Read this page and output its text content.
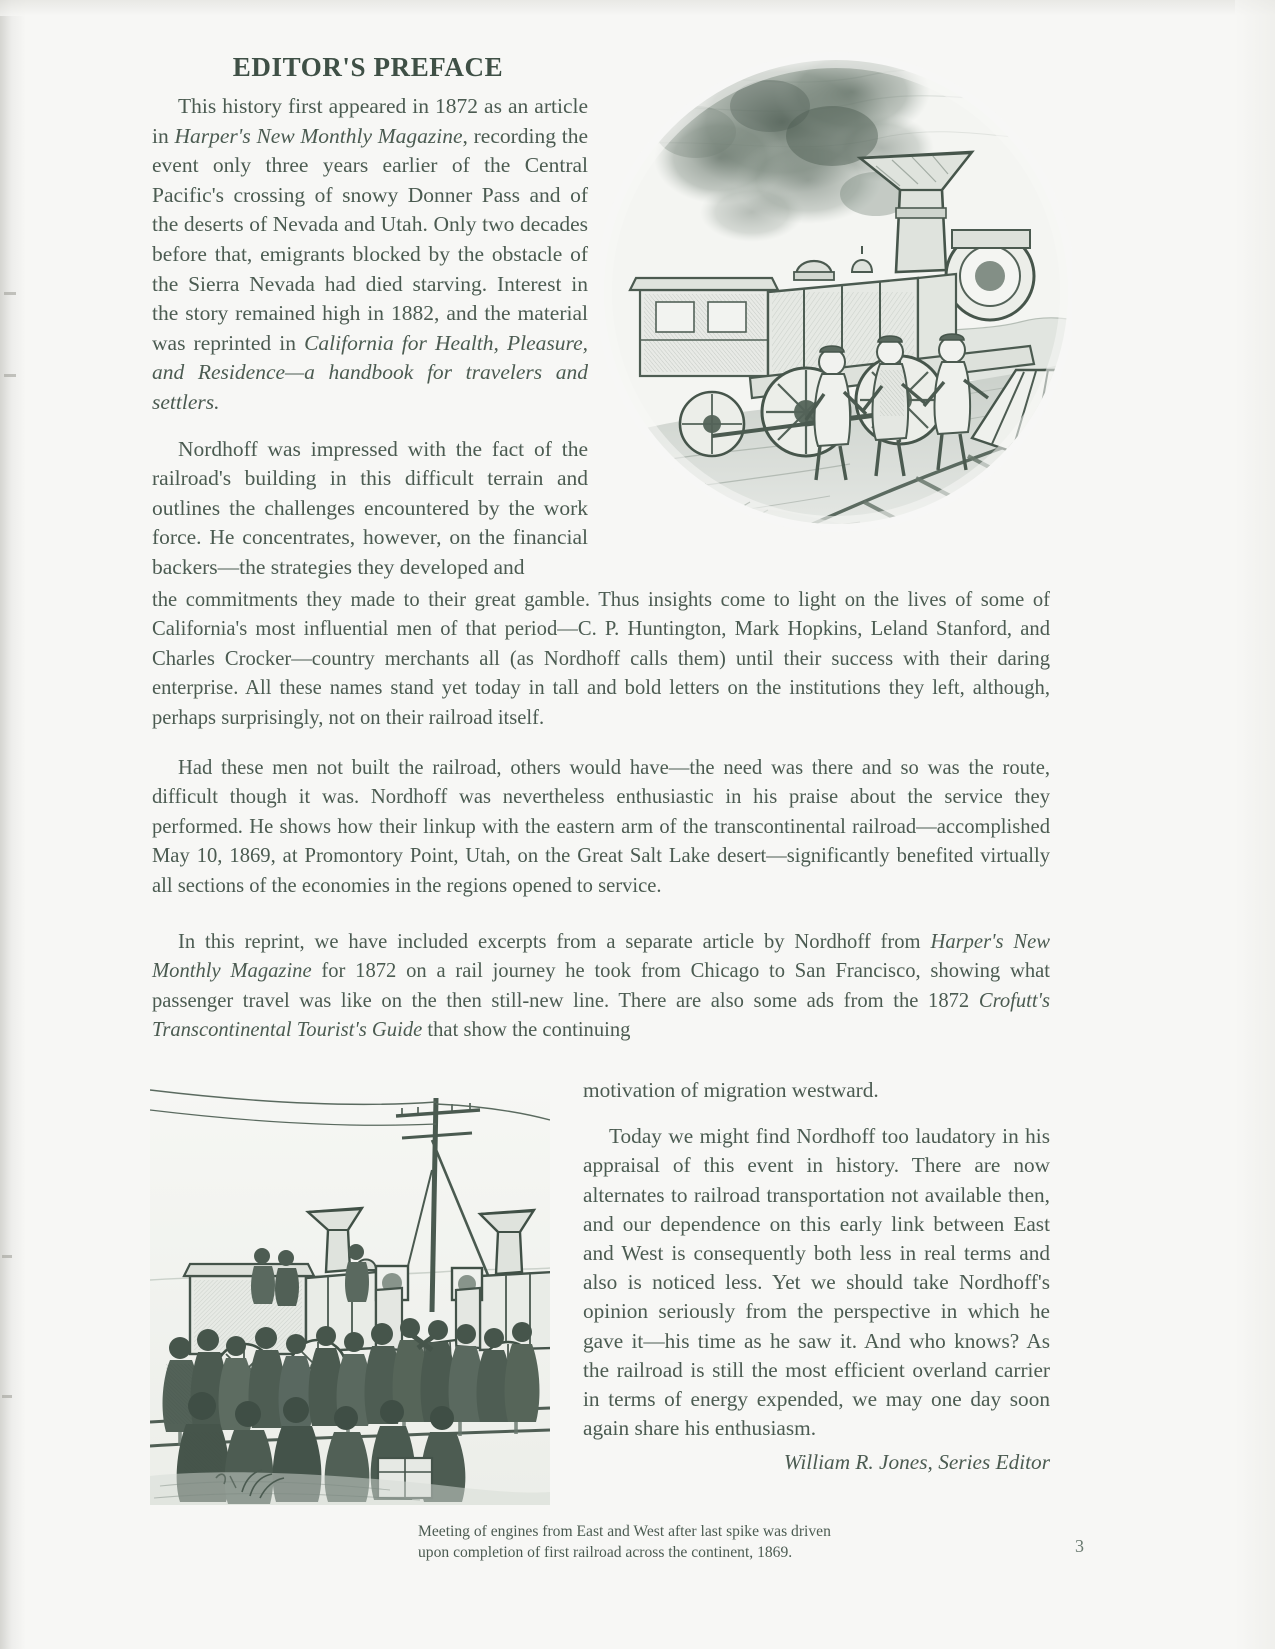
EDITOR'S PREFACE

This history first appeared in 1872 as an article in Harper's New Monthly Magazine, recording the event only three years earlier of the Central Pacific's crossing of snowy Donner Pass and of the deserts of Nevada and Utah. Only two decades before that, emigrants blocked by the obstacle of the Sierra Nevada had died starving. Interest in the story remained high in 1882, and the material was reprinted in California for Health, Pleasure, and Residence—a handbook for travelers and settlers.

Nordhoff was impressed with the fact of the railroad's building in this difficult terrain and outlines the challenges encountered by the work force. He concentrates, however, on the financial backers—the strategies they developed and

the commitments they made to their great gamble. Thus insights come to light on the lives of some of California's most influential men of that period—C. P. Huntington, Mark Hopkins, Leland Stanford, and Charles Crocker—country merchants all (as Nordhoff calls them) until their success with their daring enterprise. All these names stand yet today in tall and bold letters on the institutions they left, although, perhaps surprisingly, not on their railroad itself.

Had these men not built the railroad, others would have—the need was there and so was the route, difficult though it was. Nordhoff was nevertheless enthusiastic in his praise about the service they performed. He shows how their linkup with the eastern arm of the transcontinental railroad—accomplished May 10, 1869, at Promontory Point, Utah, on the Great Salt Lake desert—significantly benefited virtually all sections of the economies in the regions opened to service.

In this reprint, we have included excerpts from a separate article by Nordhoff from Harper's New Monthly Magazine for 1872 on a rail journey he took from Chicago to San Francisco, showing what passenger travel was like on the then still-new line. There are also some ads from the 1872 Crofutt's Transcontinental Tourist's Guide that show the continuing

motivation of migration westward.

Today we might find Nordhoff too laudatory in his appraisal of this event in history. There are now alternates to railroad transportation not available then, and our dependence on this early link between East and West is consequently both less in real terms and also is noticed less. Yet we should take Nordhoff's opinion seriously from the perspective in which he gave it—his time as he saw it. And who knows? As the railroad is still the most efficient overland carrier in terms of energy expended, we may one day soon again share his enthusiasm.

William R. Jones, Series Editor
Meeting of engines from East and West after last spike was driven
upon completion of first railroad across the continent, 1869.	3
